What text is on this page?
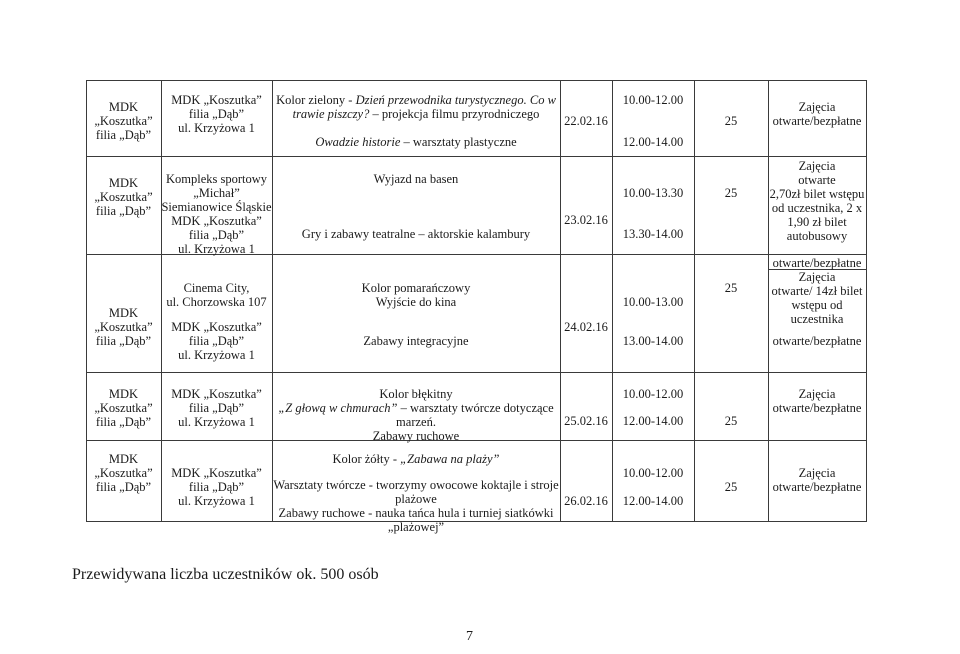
MDK
„Koszutka”
filia „Dąb”
MDK „Koszutka”
filia „Dąb”
ul. Krzyżowa 1
Kolor zielony - Dzień przewodnika turystycznego. Co w
trawie piszczy? – projekcja filmu przyrodniczego
Owadzie historie – warsztaty plastyczne
22.02.16
10.00-12.00
12.00-14.00
25
Zajęcia
otwarte/bezpłatne
MDK
„Koszutka”
filia „Dąb”
Kompleks sportowy
„Michał”
Siemianowice Śląskie
MDK „Koszutka”
filia „Dąb”
ul. Krzyżowa 1
Wyjazd na basen
Gry i zabawy teatralne – aktorskie kalambury
23.02.16
10.00-13.30
13.30-14.00
25
Zajęcia
otwarte
2,70zł bilet wstępu
od uczestnika, 2 x
1,90 zł bilet
autobusowy
otwarte/bezpłatne
MDK
„Koszutka”
filia „Dąb”
Cinema City,
ul. Chorzowska 107
MDK „Koszutka”
filia „Dąb”
ul. Krzyżowa 1
Kolor pomarańczowy
Wyjście do kina
Zabawy integracyjne
24.02.16
10.00-13.00
13.00-14.00
25
Zajęcia
otwarte/ 14zł bilet
wstępu od
uczestnika
otwarte/bezpłatne
MDK
„Koszutka”
filia „Dąb”
MDK „Koszutka”
filia „Dąb”
ul. Krzyżowa 1
Kolor błękitny
„Z głową w chmurach” – warsztaty twórcze dotyczące
marzeń.
Zabawy ruchowe
25.02.16
10.00-12.00
12.00-14.00	25
Zajęcia
otwarte/bezpłatne
MDK
„Koszutka”
filia „Dąb”
MDK „Koszutka”
filia „Dąb”
ul. Krzyżowa 1
Kolor żółty - „Zabawa na plaży”
Warsztaty twórcze - tworzymy owocowe koktajle i stroje
plażowe
Zabawy ruchowe - nauka tańca hula i turniej siatkówki
„plażowej”
26.02.16
10.00-12.00
12.00-14.00
25
Zajęcia
otwarte/bezpłatne
Przewidywana liczba uczestników ok. 500 osób
7
